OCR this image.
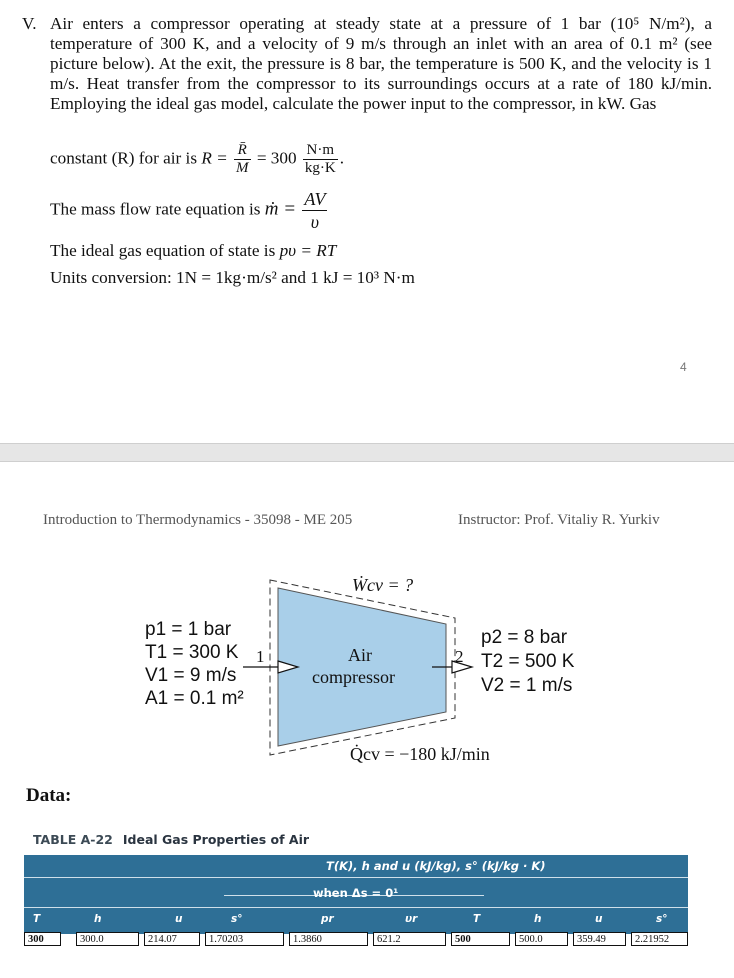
V. Air enters a compressor operating at steady state at a pressure of 1 bar (10⁵ N/m²), a temperature of 300 K, and a velocity of 9 m/s through an inlet with an area of 0.1 m² (see picture below). At the exit, the pressure is 8 bar, the temperature is 500 K, and the velocity is 1 m/s. Heat transfer from the compressor to its surroundings occurs at a rate of 180 kJ/min. Employing the ideal gas model, calculate the power input to the compressor, in kW. Gas

constant (R) for air is $R = \frac{R̄}{M} = 300 \frac{N\cdot m}{kg\cdot K}$ .
The mass flow rate equation is ṁ = $\frac{AV}{\upsilon}$
The ideal gas equation of state is pυ = RT
Units conversion: 1N = 1kg·m/s² and 1 kJ = 10³ N·m
4
Introduction to Thermodynamics - 35098 - ME 205	Instructor: Prof. Vitaliy R. Yurkiv
Ẇcv = ?
Air
compressor
1	2
Q̇cv = −180 kJ/min
p1 = 1 bar
T1 = 300 K
V1 = 9 m/s
A1 = 0.1 m²
p2 = 8 bar
T2 = 500 K
V2 = 1 m/s
Data:
TABLE A-22 Ideal Gas Properties of Air
T(K), h and u (kJ/kg), s° (kJ/kg · K)
when Δs = 0¹
T	h	u	s°	pr	υr	T	h	u	s°
300	300.0	214.07	1.70203	1.3860	621.2	500	500.0	359.49	2.21952
